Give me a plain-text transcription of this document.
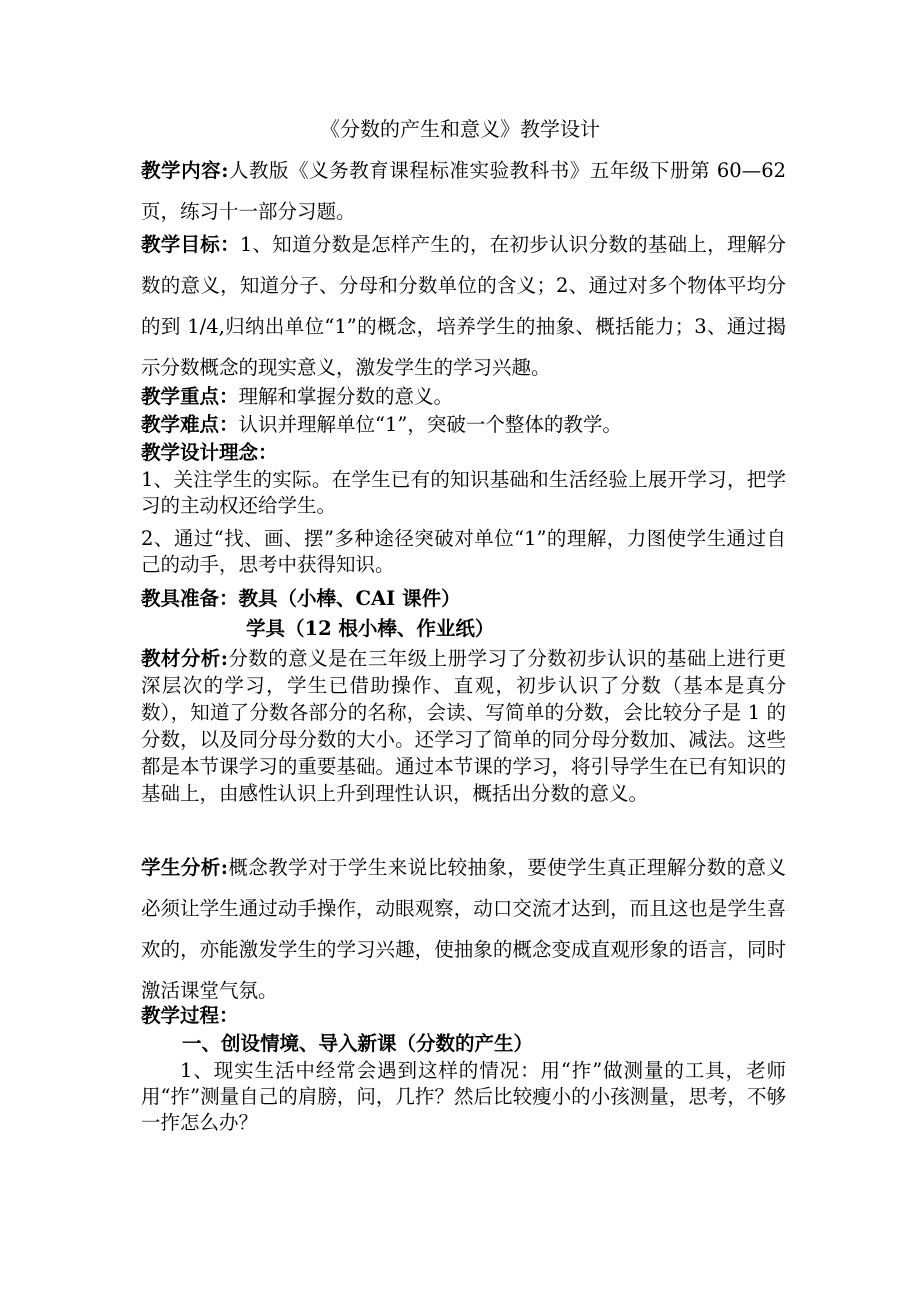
《分数的产生和意义》教学设计
教学内容:人教版《义务教育课程标准实验教科书》五年级下册第 60—62 页，练习十一部分习题。
教学目标：1、知道分数是怎样产生的，在初步认识分数的基础上，理解分数的意义，知道分子、分母和分数单位的含义；2、通过对多个物体平均分的到 1/4,归纳出单位“1”的概念，培养学生的抽象、概括能力；3、通过揭示分数概念的现实意义，激发学生的学习兴趣。
教学重点：理解和掌握分数的意义。
教学难点：认识并理解单位“1”，突破一个整体的教学。
教学设计理念：
1、关注学生的实际。在学生已有的知识基础和生活经验上展开学习，把学习的主动权还给学生。
2、通过“找、画、摆”多种途径突破对单位“1”的理解，力图使学生通过自己的动手，思考中获得知识。
教具准备：教具（小棒、CAI 课件）
学具（12 根小棒、作业纸）
教材分析:分数的意义是在三年级上册学习了分数初步认识的基础上进行更深层次的学习，学生已借助操作、直观，初步认识了分数（基本是真分数），知道了分数各部分的名称，会读、写简单的分数，会比较分子是 1 的分数，以及同分母分数的大小。还学习了简单的同分母分数加、减法。这些都是本节课学习的重要基础。通过本节课的学习，将引导学生在已有知识的基础上，由感性认识上升到理性认识，概括出分数的意义。
学生分析:概念教学对于学生来说比较抽象，要使学生真正理解分数的意义必须让学生通过动手操作，动眼观察，动口交流才达到，而且这也是学生喜欢的，亦能激发学生的学习兴趣，使抽象的概念变成直观形象的语言，同时激活课堂气氛。
教学过程：
一、创设情境、导入新课（分数的产生）
1、现实生活中经常会遇到这样的情况：用“拃”做测量的工具，老师用“拃”测量自己的肩膀，问，几拃？然后比较瘦小的小孩测量，思考，不够一拃怎么办？
